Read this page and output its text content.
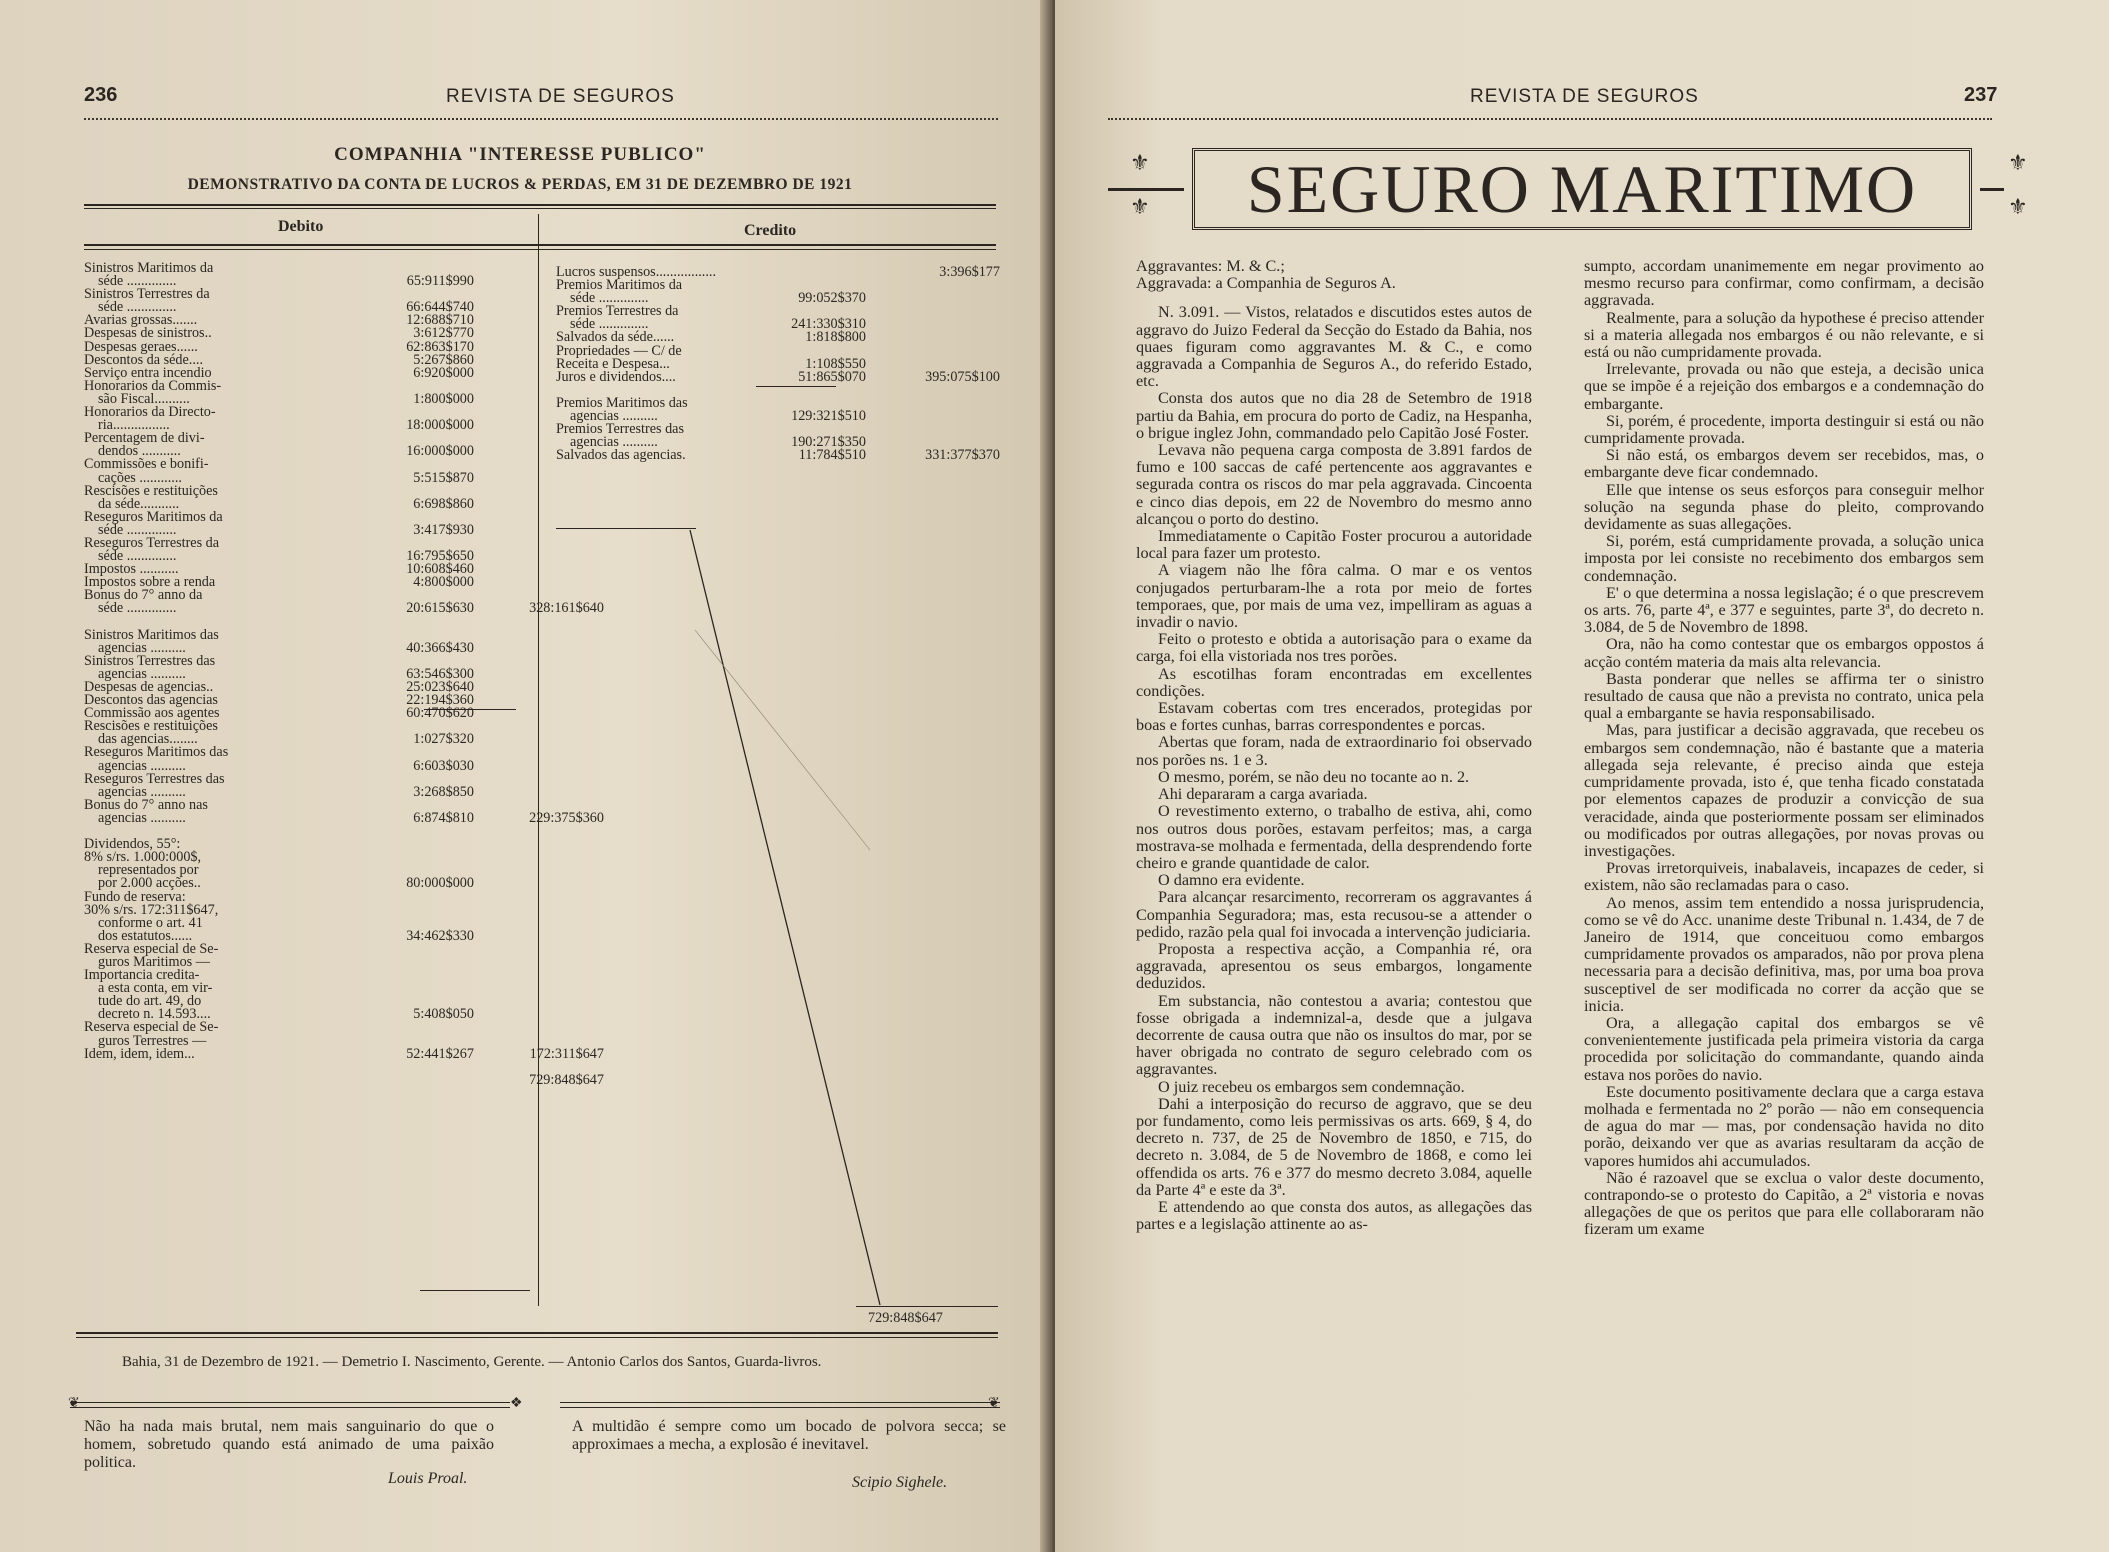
236	REVISTA DE SEGUROS
COMPANHIA "INTERESSE PUBLICO"
DEMONSTRATIVO DA CONTA DE LUCROS & PERDAS, EM 31 DE DEZEMBRO DE 1921
Debito	Credito
Sinistros Maritimos da
séde ..............	65:911$990
Sinistros Terrestres da
séde ..............	66:644$740
Avarias grossas.......	12:688$710
Despesas de sinistros..	3:612$770
Despesas geraes......	62:863$170
Descontos da séde....	5:267$860
Serviço entra incendio	6:920$000
Honorarios da Commis-
são Fiscal..........	1:800$000
Honorarios da Directo-
ria................	18:000$000
Percentagem de divi-
dendos ...........	16:000$000
Commissões e bonifi-
cações ............	5:515$870
Rescisões e restituições
da séde...........	6:698$860
Reseguros Maritimos da
séde ..............	3:417$930
Reseguros Terrestres da
séde ..............	16:795$650
Impostos ...........	10:608$460
Impostos sobre a renda	4:800$000
Bonus do 7° anno da
séde ..............	20:615$630	328:161$640
Sinistros Maritimos das
agencias ..........	40:366$430
Sinistros Terrestres das
agencias ..........	63:546$300
Despesas de agencias..	25:023$640
Descontos das agencias	22:194$360
Commissão aos agentes	60:470$620
Rescisões e restituições
das agencias........	1:027$320
Reseguros Maritimos das
agencias ..........	6:603$030
Reseguros Terrestres das
agencias ..........	3:268$850
Bonus do 7° anno nas
agencias ..........	6:874$810	229:375$360
Dividendos, 55°:
8% s/rs. 1.000:000$,
representados por
por 2.000 acções..	80:000$000
Fundo de reserva:
30% s/rs. 172:311$647,
conforme o art. 41
dos estatutos......	34:462$330
Reserva especial de Se-
guros Maritimos —
Importancia credita-
a esta conta, em vir-
tude do art. 49, do
decreto n. 14.593....	5:408$050
Reserva especial de Se-
guros Terrestres —
Idem, idem, idem...	52:441$267	172:311$647
729:848$647
Lucros suspensos.................	3:396$177
Premios Maritimos da
séde ..............	99:052$370
Premios Terrestres da
séde ..............	241:330$310
Salvados da séde......	1:818$800
Propriedades — C/ de
Receita e Despesa...	1:108$550
Juros e dividendos....	51:865$070	395:075$100
Premios Maritimos das
agencias ..........	129:321$510
Premios Terrestres das
agencias ..........	190:271$350
Salvados das agencias.	11:784$510	331:377$370
729:848$647
Bahia, 31 de Dezembro de 1921. — Demetrio I. Nascimento, Gerente. — Antonio Carlos dos Santos, Guarda-livros.
❦	❖	❦
Não ha nada mais brutal, nem mais sanguinario do que o homem, sobretudo quando está animado de uma paixão politica.
Louis Proal.
A multidão é sempre como um bocado de polvora secca; se approximaes a mecha, a explosão é inevitavel.
Scipio Sighele.
REVISTA DE SEGUROS	237
SEGURO MARITIMO
⚜
⚜
⚜
⚜

Aggravantes: M. & C.;

Aggravada: a Companhia de Seguros A.

N. 3.091. — Vistos, relatados e discutidos estes autos de aggravo do Juizo Federal da Secção do Estado da Bahia, nos quaes figuram como aggravantes M. & C., e como aggravada a Companhia de Seguros A., do referido Estado, etc.

Consta dos autos que no dia 28 de Setembro de 1918 partiu da Bahia, em procura do porto de Cadiz, na Hespanha, o brigue inglez John, commandado pelo Capitão José Foster.

Levava não pequena carga composta de 3.891 fardos de fumo e 100 saccas de café pertencente aos aggravantes e segurada contra os riscos do mar pela aggravada. Cincoenta e cinco dias depois, em 22 de Novembro do mesmo anno alcançou o porto do destino.

Immediatamente o Capitão Foster procurou a autoridade local para fazer um protesto.

A viagem não lhe fôra calma. O mar e os ventos conjugados perturbaram-lhe a rota por meio de fortes temporaes, que, por mais de uma vez, impelliram as aguas a invadir o navio.

Feito o protesto e obtida a autorisação para o exame da carga, foi ella vistoriada nos tres porões.

As escotilhas foram encontradas em excellentes condições.

Estavam cobertas com tres encerados, protegidas por boas e fortes cunhas, barras correspondentes e porcas.

Abertas que foram, nada de extraordinario foi observado nos porões ns. 1 e 3.

O mesmo, porém, se não deu no tocante ao n. 2.

Ahi depararam a carga avariada.

O revestimento externo, o trabalho de estiva, ahi, como nos outros dous porões, estavam perfeitos; mas, a carga mostrava-se molhada e fermentada, della desprendendo forte cheiro e grande quantidade de calor.

O damno era evidente.

Para alcançar resarcimento, recorreram os aggravantes á Companhia Seguradora; mas, esta recusou-se a attender o pedido, razão pela qual foi invocada a intervenção judiciaria.

Proposta a respectiva acção, a Companhia ré, ora aggravada, apresentou os seus embargos, longamente deduzidos.

Em substancia, não contestou a avaria; contestou que fosse obrigada a indemnizal-a, desde que a julgava decorrente de causa outra que não os insultos do mar, por se haver obrigada no contrato de seguro celebrado com os aggravantes.

O juiz recebeu os embargos sem condemnação.

Dahi a interposição do recurso de aggravo, que se deu por fundamento, como leis permissivas os arts. 669, § 4, do decreto n. 737, de 25 de Novembro de 1850, e 715, do decreto n. 3.084, de 5 de Novembro de 1868, e como lei offendida os arts. 76 e 377 do mesmo decreto 3.084, aquelle da Parte 4ª e este da 3ª.

E attendendo ao que consta dos autos, as allegações das partes e a legislação attinente ao as-

sumpto, accordam unanimemente em negar provimento ao mesmo recurso para confirmar, como confirmam, a decisão aggravada.

Realmente, para a solução da hypothese é preciso attender si a materia allegada nos embargos é ou não relevante, e si está ou não cumpridamente provada.

Irrelevante, provada ou não que esteja, a decisão unica que se impõe é a rejeição dos embargos e a condemnação do embargante.

Si, porém, é procedente, importa destinguir si está ou não cumpridamente provada.

Si não está, os embargos devem ser recebidos, mas, o embargante deve ficar condemnado.

Elle que intense os seus esforços para conseguir melhor solução na segunda phase do pleito, comprovando devidamente as suas allegações.

Si, porém, está cumpridamente provada, a solução unica imposta por lei consiste no recebimento dos embargos sem condemnação.

E' o que determina a nossa legislação; é o que prescrevem os arts. 76, parte 4ª, e 377 e seguintes, parte 3ª, do decreto n. 3.084, de 5 de Novembro de 1898.

Ora, não ha como contestar que os embargos oppostos á acção contém materia da mais alta relevancia.

Basta ponderar que nelles se affirma ter o sinistro resultado de causa que não a prevista no contrato, unica pela qual a embargante se havia responsabilisado.

Mas, para justificar a decisão aggravada, que recebeu os embargos sem condemnação, não é bastante que a materia allegada seja relevante, é preciso ainda que esteja cumpridamente provada, isto é, que tenha ficado constatada por elementos capazes de produzir a convicção de sua veracidade, ainda que posteriormente possam ser eliminados ou modificados por outras allegações, por novas provas ou investigações.

Provas irretorquiveis, inabalaveis, incapazes de ceder, si existem, não são reclamadas para o caso.

Ao menos, assim tem entendido a nossa jurisprudencia, como se vê do Acc. unanime deste Tribunal n. 1.434, de 7 de Janeiro de 1914, que conceituou como embargos cumpridamente provados os amparados, não por prova plena necessaria para a decisão definitiva, mas, por uma boa prova susceptivel de ser modificada no correr da acção que se inicia.

Ora, a allegação capital dos embargos se vê convenientemente justificada pela primeira vistoria da carga procedida por solicitação do commandante, quando ainda estava nos porões do navio.

Este documento positivamente declara que a carga estava molhada e fermentada no 2º porão — não em consequencia de agua do mar — mas, por condensação havida no dito porão, deixando ver que as avarias resultaram da acção de vapores humidos ahi accumulados.

Não é razoavel que se exclua o valor deste documento, contrapondo-se o protesto do Capitão, a 2ª vistoria e novas allegações de que os peritos que para elle collaboraram não fizeram um exame
